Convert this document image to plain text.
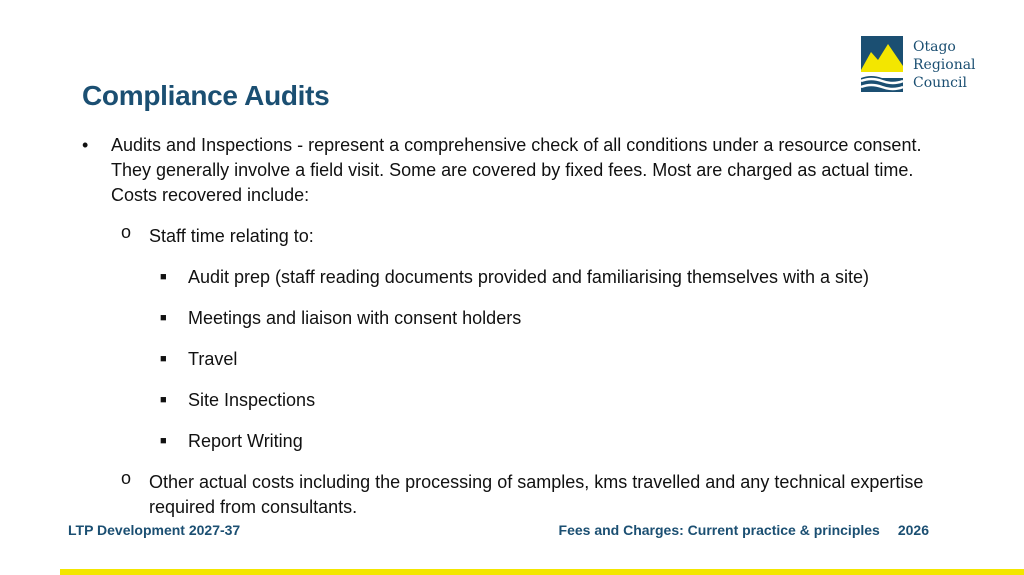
Compliance Audits
Otago
Regional
Council
• Audits and Inspections - represent a comprehensive check of all conditions under a resource consent. They generally involve a field visit. Some are covered by fixed fees. Most are charged as actual time. Costs recovered include:
o Staff time relating to:
■ Audit prep (staff reading documents provided and familiarising themselves with a site)
■ Meetings and liaison with consent holders
■ Travel
■ Site Inspections
■ Report Writing
o Other actual costs including the processing of samples, kms travelled and any technical expertise required from consultants.
LTP Development 2027-37	Fees and Charges: Current practice & principles 2026
